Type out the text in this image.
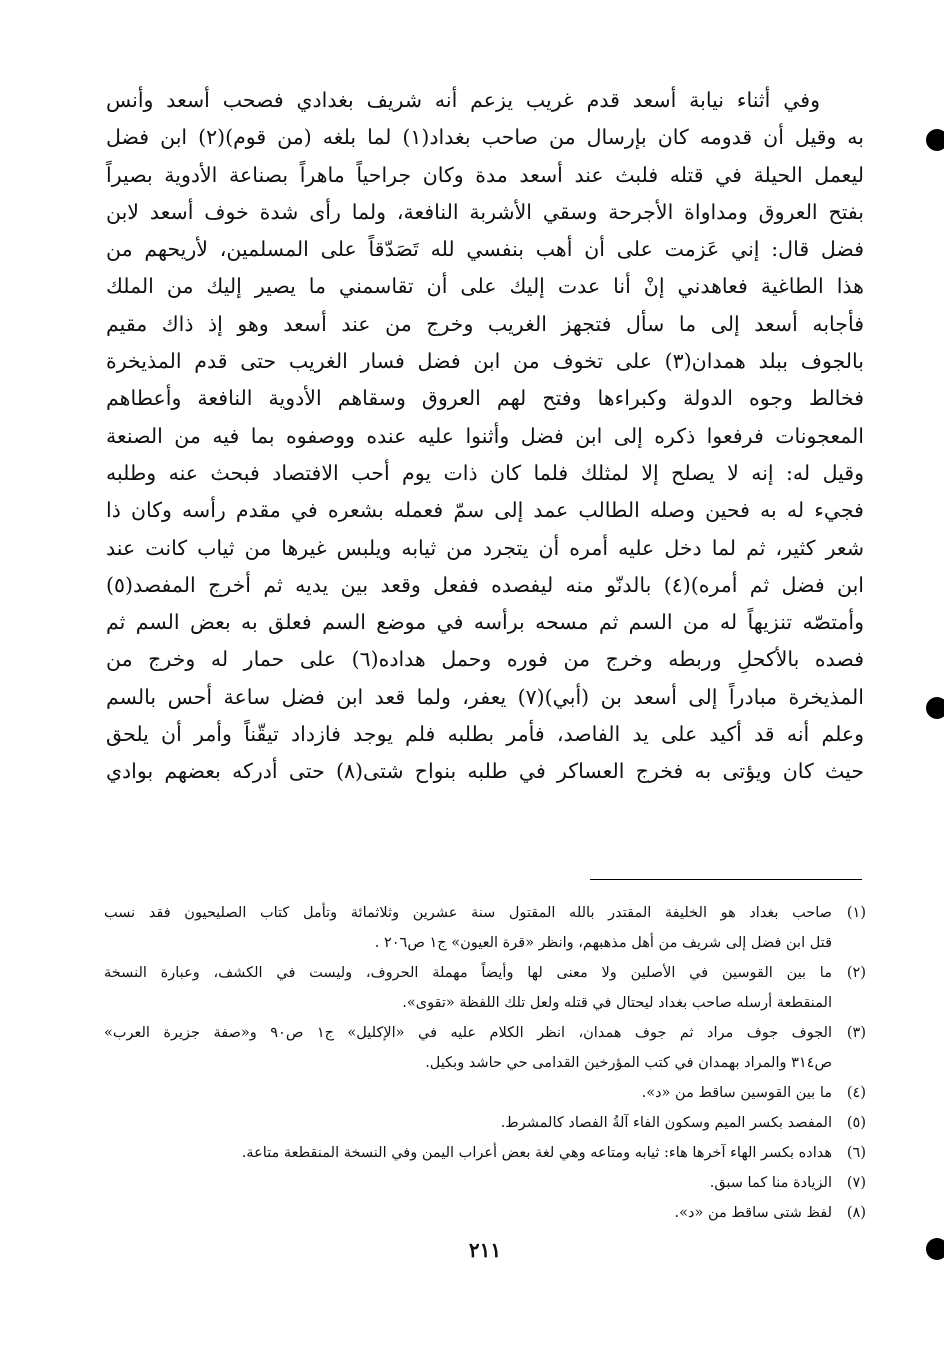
وفي أثناء نيابة أسعد قدم غريب يزعم أنه شريف بغدادي فصحب أسعد وأنس
به وقيل أن قدومه كان بإرسال من صاحب بغداد(١) لما بلغه (من قوم)(٢) ابن فضل
ليعمل الحيلة في قتله فلبث عند أسعد مدة وكان جراحياً ماهراً بصناعة الأدوية بصيراً
بفتح العروق ومداواة الأجرحة وسقي الأشربة النافعة، ولما رأى شدة خوف أسعد لابن
فضل قال: إني عَزمت على أن أهب بنفسي لله تَصَدّقاً على المسلمين، لأريحهم من
هذا الطاغية فعاهدني إنْ أنا عدت إليك على أن تقاسمني ما يصير إليك من الملك
فأجابه أسعد إلى ما سأل فتجهز الغريب وخرج من عند أسعد وهو إذ ذاك مقيم
بالجوف ببلد همدان(٣) على تخوف من ابن فضل فسار الغريب حتى قدم المذيخرة
فخالط وجوه الدولة وكبراءها وفتح لهم العروق وسقاهم الأدوية النافعة وأعطاهم
المعجونات فرفعوا ذكره إلى ابن فضل وأثنوا عليه عنده ووصفوه بما فيه من الصنعة
وقيل له: إنه لا يصلح إلا لمثلك فلما كان ذات يوم أحب الافتصاد فبحث عنه وطلبه
فجيء له به فحين وصله الطالب عمد إلى سمّ فعمله بشعره في مقدم رأسه وكان ذا
شعر كثير، ثم لما دخل عليه أمره أن يتجرد من ثيابه ويلبس غيرها من ثياب كانت عند
ابن فضل ثم أمره)(٤) بالدنّو منه ليفصده ففعل وقعد بين يديه ثم أخرج المفصد(٥)
وأمتصّه تنزيهاً له من السم ثم مسحه برأسه في موضع السم فعلق به بعض السم ثم
فصده بالأكحلِ وربطه وخرج من فوره وحمل هداده(٦) على حمار له وخرج من
المذيخرة مبادراً إلى أسعد بن (أبي)(٧) يعفر، ولما قعد ابن فضل ساعة أحس بالسم
وعلم أنه قد أكيد على يد الفاصد، فأمر بطلبه فلم يوجد فازداد تيقّناً وأمر أن يلحق
حيث كان ويؤتى به فخرج العساكر في طلبه بنواح شتى(٨) حتى أدركه بعضهم بوادي
(١)
صاحب بغداد هو الخليفة المقتدر بالله المقتول سنة عشرين وثلاثمائة وتأمل كتاب الصليحيون فقد نسب
قتل ابن فضل إلى شريف من أهل مذهبهم، وانظر «قرة العيون» ج١ ص٢٠٦ .
(٢)
ما بين القوسين في الأصلين ولا معنى لها وأيضاً مهملة الحروف، وليست في الكشف، وعبارة النسخة
المنقطعة أرسله صاحب بغداد ليحتال في قتله ولعل تلك اللفظة «تقوى».
(٣)
الجوف جوف مراد ثم جوف همدان، انظر الكلام عليه في «الإكليل» ج١ ص٩٠ و«صفة جزيرة العرب»
ص٣١٤ والمراد بهمدان في كتب المؤرخين القدامى حي حاشد وبكيل.
(٤)
ما بين القوسين ساقط من «د».
(٥)
المفصد بكسر الميم وسكون الفاء آلةُ الفصاد كالمشرط.
(٦)
هداده بكسر الهاء آخرها هاء: ثيابه ومتاعه وهي لغة بعض أعراب اليمن وفي النسخة المنقطعة متاعة.
(٧)
الزيادة منا كما سبق.
(٨)
لفظ شتى ساقط من «د».
٢١١
